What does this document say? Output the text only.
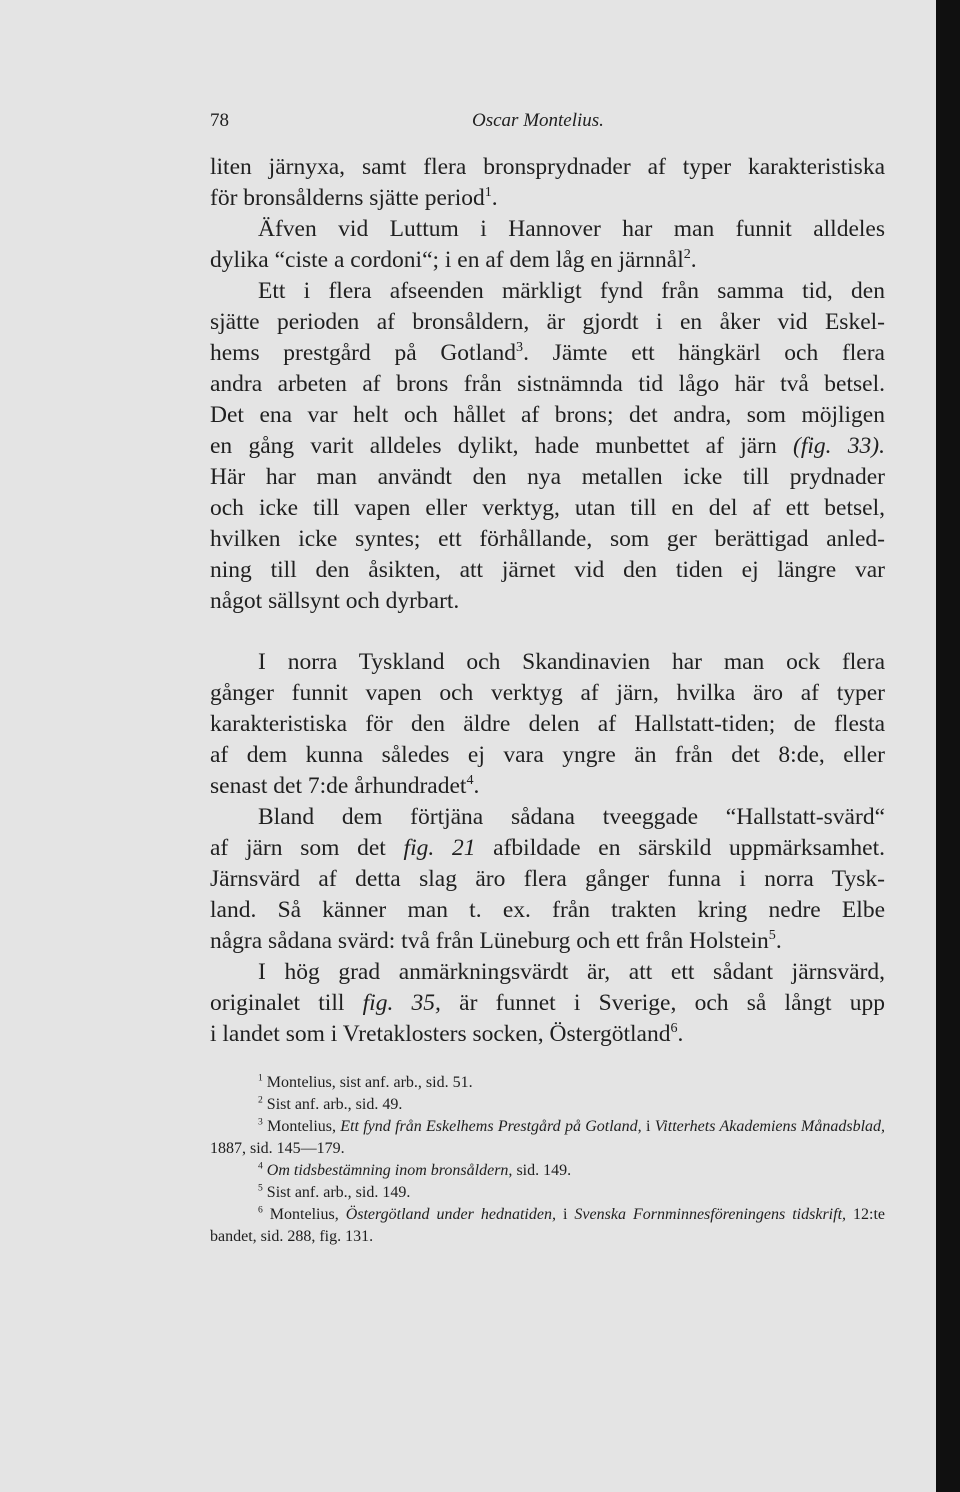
78	Oscar Montelius.

liten järnyxa, samt flera bronsprydnader af typer karakteristiska
för bronsålderns sjätte period$^1$.
Äfven vid Luttum i Hannover har man funnit alldeles
dylika “ciste a cordoni“; i en af dem låg en järnnål$^2$.

Ett i flera afseenden märkligt fynd från samma tid, den
sjätte perioden af bronsåldern, är gjordt i en åker vid Eskel-
hems prestgård på Gotland$^3$. Jämte ett hängkärl och flera
andra arbeten af brons från sistnämnda tid lågo här två betsel.
Det ena var helt och hållet af brons; det andra, som möjligen
en gång varit alldeles dylikt, hade munbettet af järn (fig. 33).
Här har man användt den nya metallen icke till prydnader
och icke till vapen eller verktyg, utan till en del af ett betsel,
hvilken icke syntes; ett förhållande, som ger berättigad anled-
ning till den åsikten, att järnet vid den tiden ej längre var
något sällsynt och dyrbart.

I norra Tyskland och Skandinavien har man ock flera
gånger funnit vapen och verktyg af järn, hvilka äro af typer
karakteristiska för den äldre delen af Hallstatt-tiden; de flesta
af dem kunna således ej vara yngre än från det 8:de, eller
senast det 7:de århundradet$^4$.

Bland dem förtjäna sådana tveeggade “Hallstatt-svärd“
af järn som det fig. 21 afbildade en särskild uppmärksamhet.
Järnsvärd af detta slag äro flera gånger funna i norra Tysk-
land. Så känner man t. ex. från trakten kring nedre Elbe
några sådana svärd: två från Lüneburg och ett från Holstein$^5$.

I hög grad anmärkningsvärdt är, att ett sådant järnsvärd,
originalet till fig. 35, är funnet i Sverige, och så långt upp
i landet som i Vretaklosters socken, Östergötland$^6$.

$^1$ Montelius, sist anf. arb., sid. 51.

$^2$ Sist anf. arb., sid. 49.

$^3$ Montelius, Ett fynd från Eskelhems Prestgård på Gotland, i Vitterhets Akademiens Månadsblad, 1887, sid. 145—179.

$^4$ Om tidsbestämning inom bronsåldern, sid. 149.

$^5$ Sist anf. arb., sid. 149.

$^6$ Montelius, Östergötland under hednatiden, i Svenska Fornminnesföreningens tidskrift, 12:te bandet, sid. 288, fig. 131.
